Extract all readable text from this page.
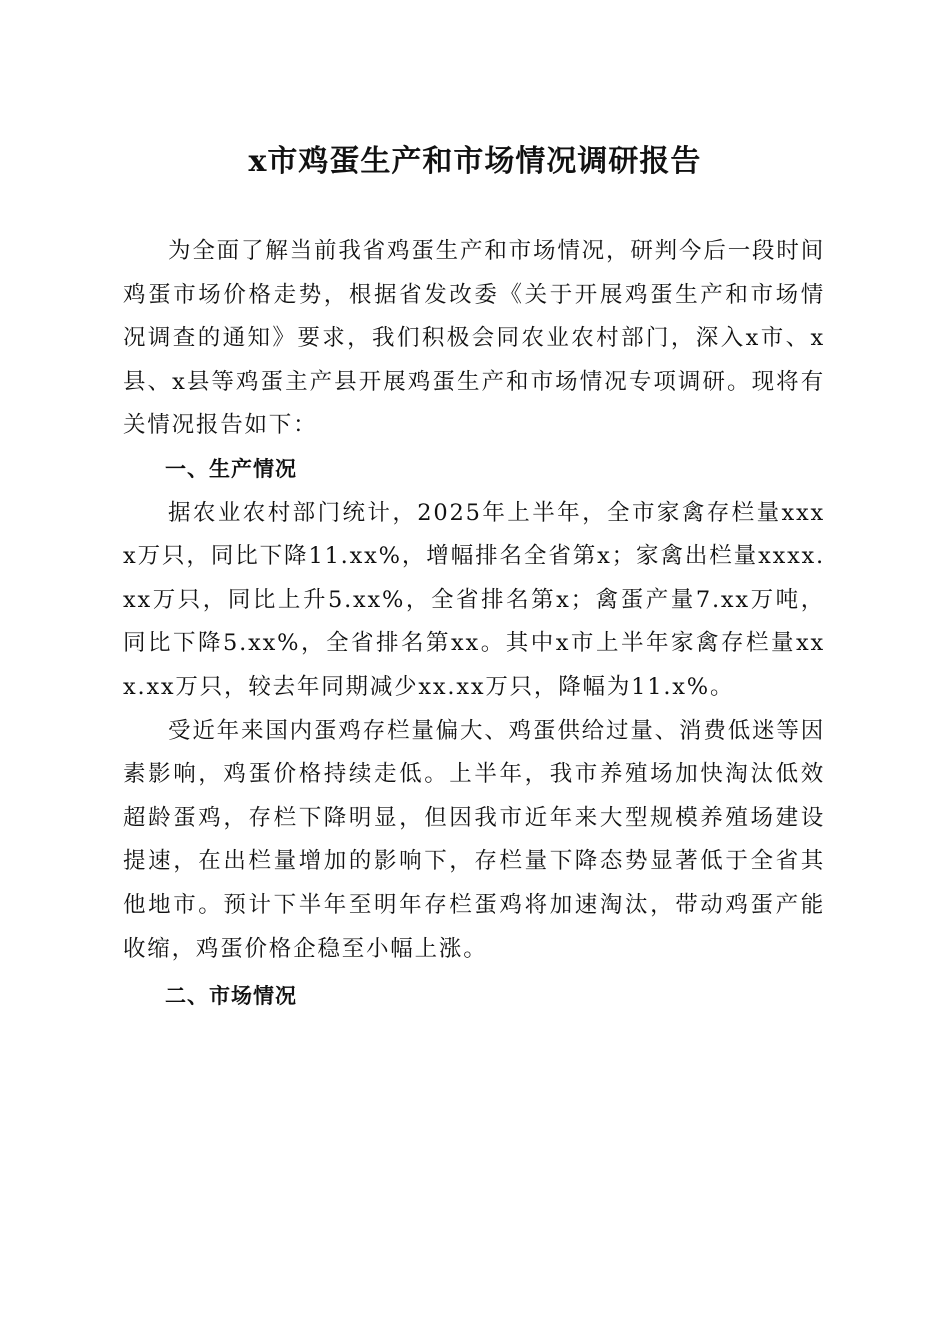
x市鸡蛋生产和市场情况调研报告

为全面了解当前我省鸡蛋生产和市场情况，研判今后一段时间鸡蛋市场价格走势，根据省发改委《关于开展鸡蛋生产和市场情况调查的通知》要求，我们积极会同农业农村部门，深入x市、x县、x县等鸡蛋主产县开展鸡蛋生产和市场情况专项调研。现将有关情况报告如下：

一、生产情况

据农业农村部门统计，2025年上半年，全市家禽存栏量xxxx万只，同比下降11.xx%，增幅排名全省第x；家禽出栏量xxxx.xx万只，同比上升5.xx%，全省排名第x；禽蛋产量7.xx万吨，同比下降5.xx%，全省排名第xx。其中x市上半年家禽存栏量xxx.xx万只，较去年同期减少xx.xx万只，降幅为11.x%。

受近年来国内蛋鸡存栏量偏大、鸡蛋供给过量、消费低迷等因素影响，鸡蛋价格持续走低。上半年，我市养殖场加快淘汰低效超龄蛋鸡，存栏下降明显，但因我市近年来大型规模养殖场建设提速，在出栏量增加的影响下，存栏量下降态势显著低于全省其他地市。预计下半年至明年存栏蛋鸡将加速淘汰，带动鸡蛋产能收缩，鸡蛋价格企稳至小幅上涨。

二、市场情况
